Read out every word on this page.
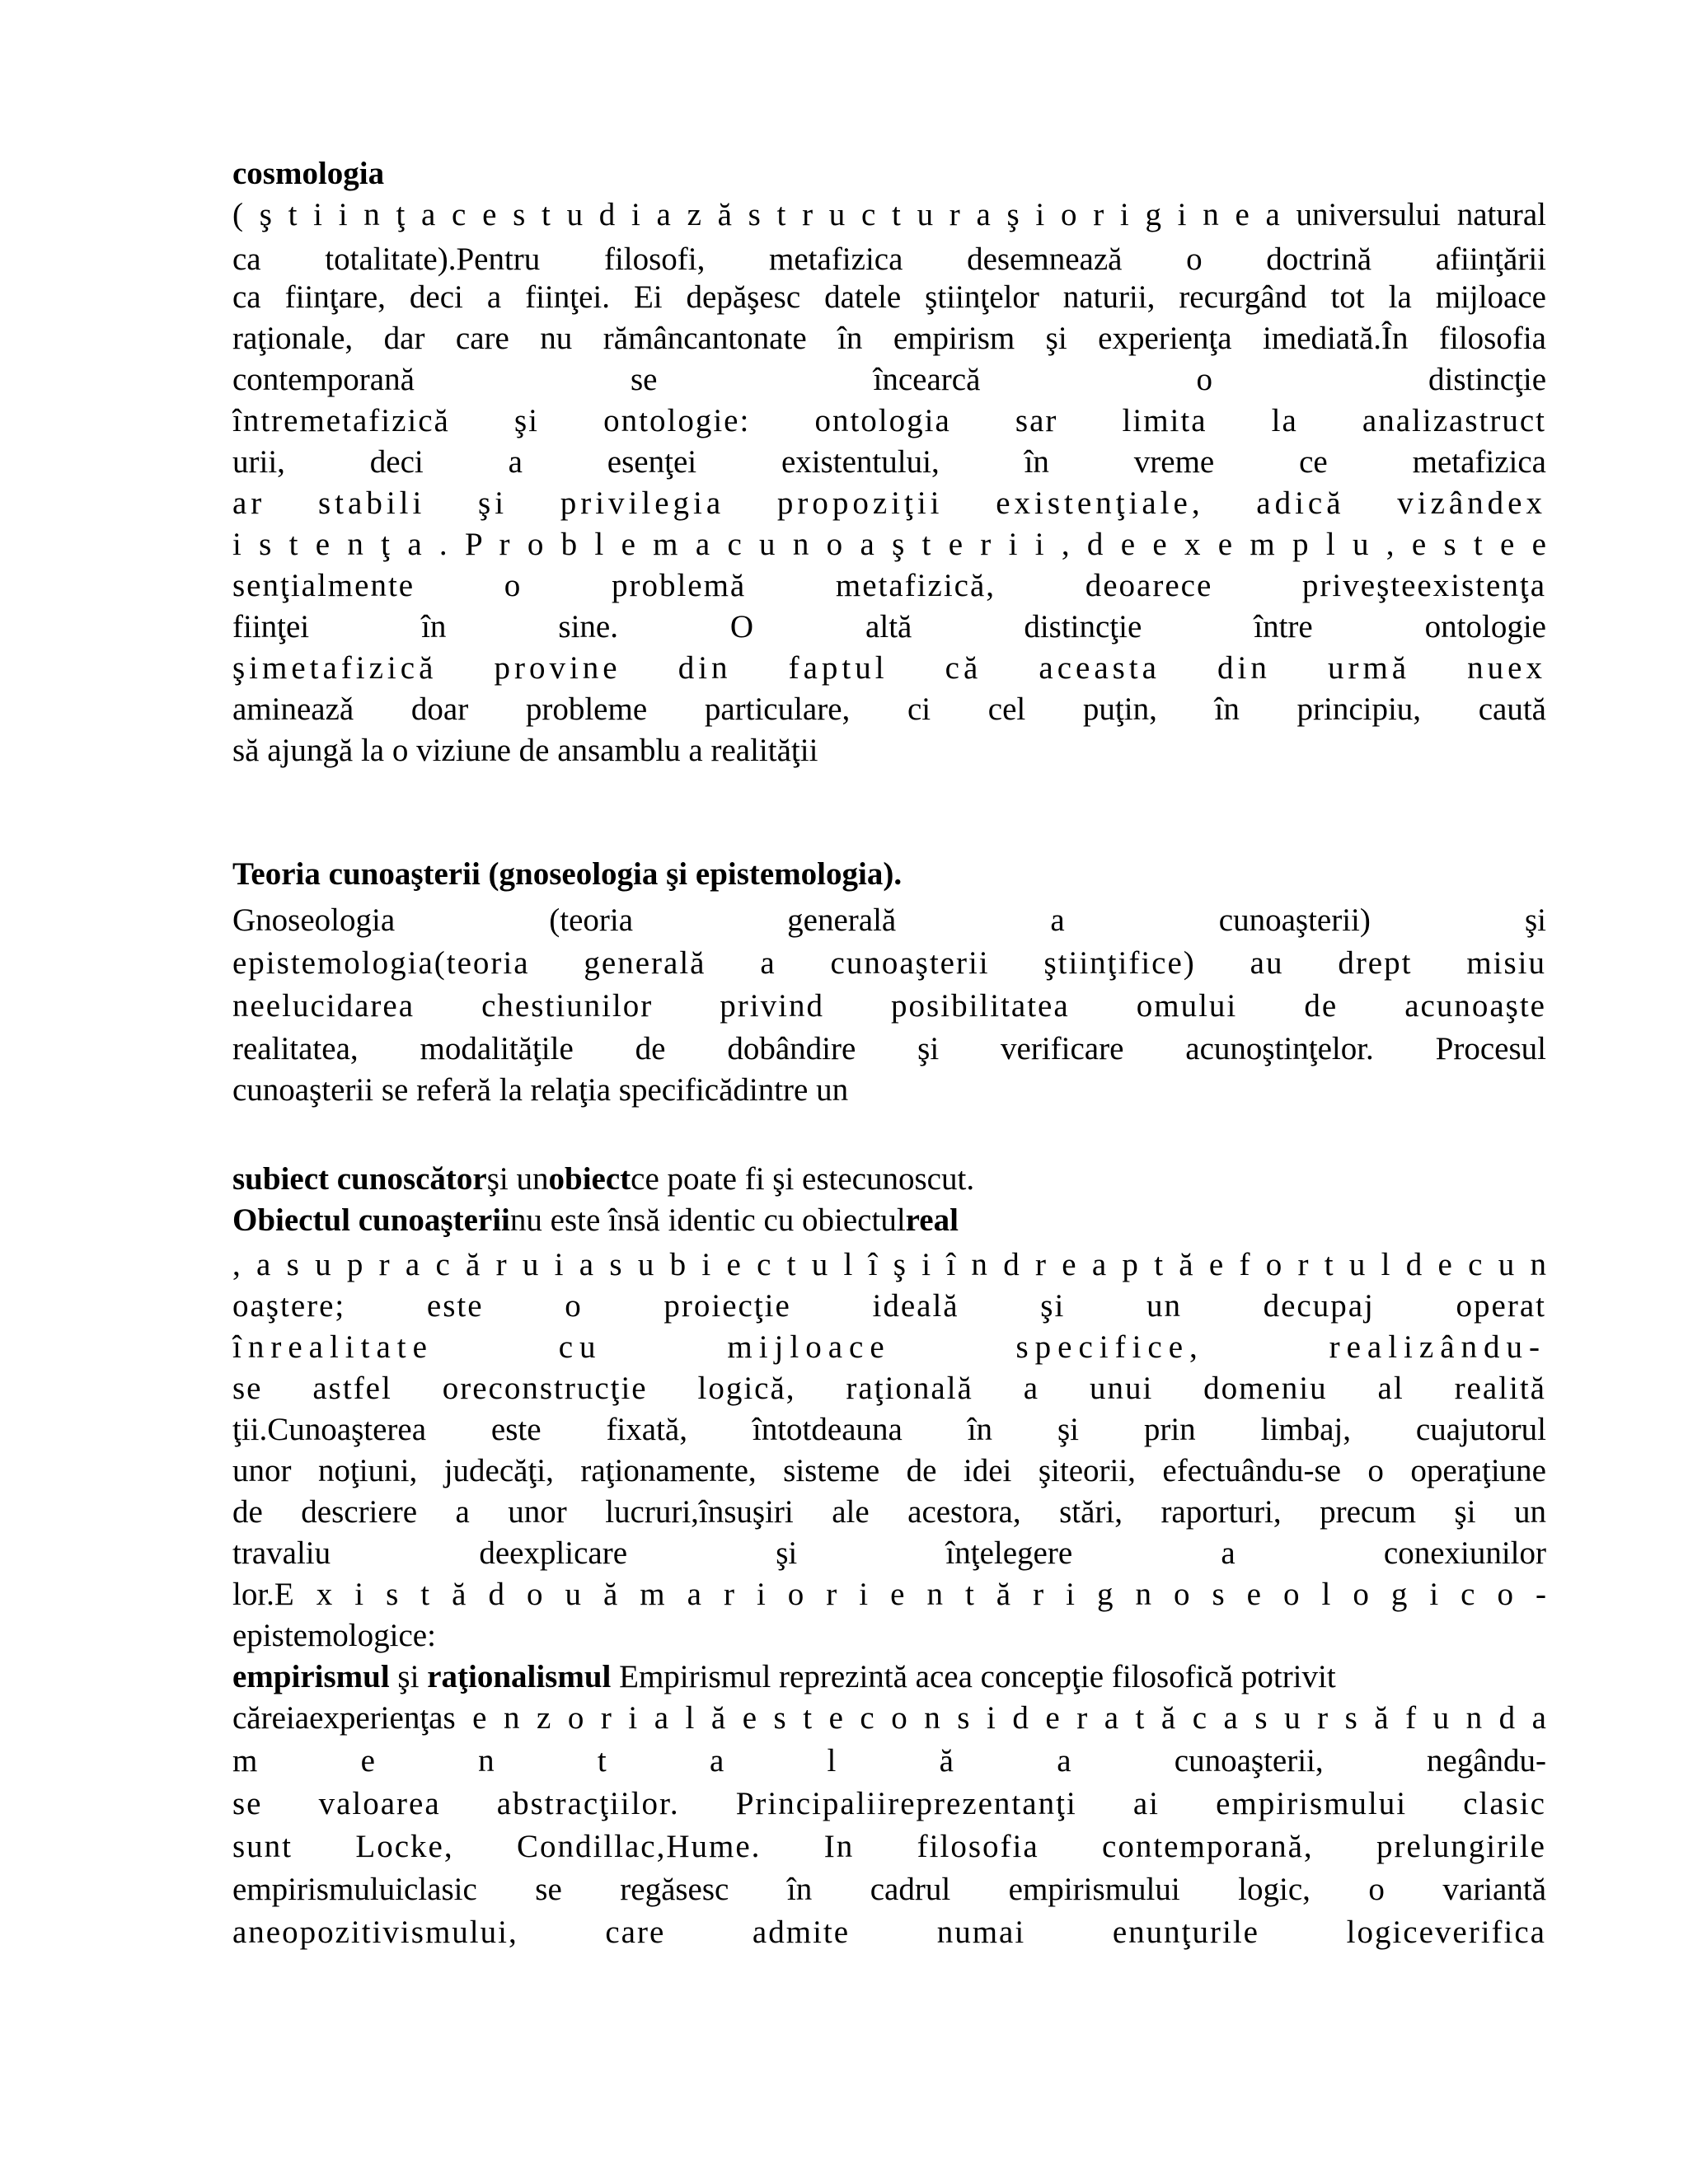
cosmologia
( ş t i i n ţ a c e s t u d i a z ă s t r u c t u r a ş i o r i g i n e a universului natural
ca totalitate).Pentru filosofi, metafizica desemnează o doctrină afiinţării
ca fiinţare, deci a fiinţei. Ei depăşesc datele ştiinţelor naturii, recurgând tot la mijloace
raţionale, dar care nu rămâncantonate în empirism şi experienţa imediată.În filosofia
contemporană se încearcă o distincţie
întremetafizică şi ontologie: ontologia sar limita la analizastruct
urii, deci a esenţei existentului, în vreme ce metafizica
ar stabili şi privilegia propoziţii existenţiale, adică vizândex
i s t e n ţ a . P r o b l e m a c u n o a ş t e r i i , d e e x e m p l u , e s t e e
senţialmente o problemă metafizică, deoarece priveşteexistenţa
fiinţei în sine. O altă distincţie între ontologie
şimetafizică provine din faptul că aceasta din urmă nuex
amineazǎ doar probleme particulare, ci cel puţin, în principiu, caută
să ajungă la o viziune de ansamblu a realităţii
Teoria cunoaşterii (gnoseologia şi epistemologia).
Gnoseologia (teoria generală a cunoaşterii) şi
epistemologia(teoria generală a cunoaşterii ştiinţifice) au drept misiu
neelucidarea chestiunilor privind posibilitatea omului de acunoaşte
realitatea, modalităţile de dobândire şi verificare acunoştinţelor. Procesul
cunoaşterii se referă la relaţia specificădintre un
subiect cunoscătorşi unobiectce poate fi şi estecunoscut.
Obiectul cunoaşteriinu este însă identic cu obiectulreal
, a s u p r a c ă r u i a s u b i e c t u l î ş i î n d r e a p t ă e f o r t u l d e c u n
oaştere; este o proiecţie ideală şi un decupaj operat
înrealitate cu mijloace specifice, realizându-
se astfel oreconstrucţie logică, raţională a unui domeniu al realită
ţii.Cunoaşterea este fixată, întotdeauna în şi prin limbaj, cuajutorul
unor noţiuni, judecăţi, raţionamente, sisteme de idei şiteorii, efectuându-se o operaţiune
de descriere a unor lucruri,însuşiri ale acestora, stări, raporturi, precum şi un
travaliu deexplicare şi înţelegere a conexiunilor
lor.E x i s t ă d o u ă m a r i o r i e n t ă r i g n o s e o l o g i c o -
epistemologice:
empirismul şi raţionalismul Empirismul reprezintă acea concepţie filosofică potrivit
căreiaexperienţas e n z o r i a l ă e s t e c o n s i d e r a t ă c a s u r s ă f u n d a
m e n t a l ă a cunoaşterii, negându-
se valoarea abstracţiilor. Principaliireprezentanţi ai empirismului clasic
sunt Locke, Condillac,Hume. In filosofia contemporană, prelungirile
empirismuluiclasic se regăsesc în cadrul empirismului logic, o variantă
aneopozitivismului, care admite numai enunţurile logiceverifica
